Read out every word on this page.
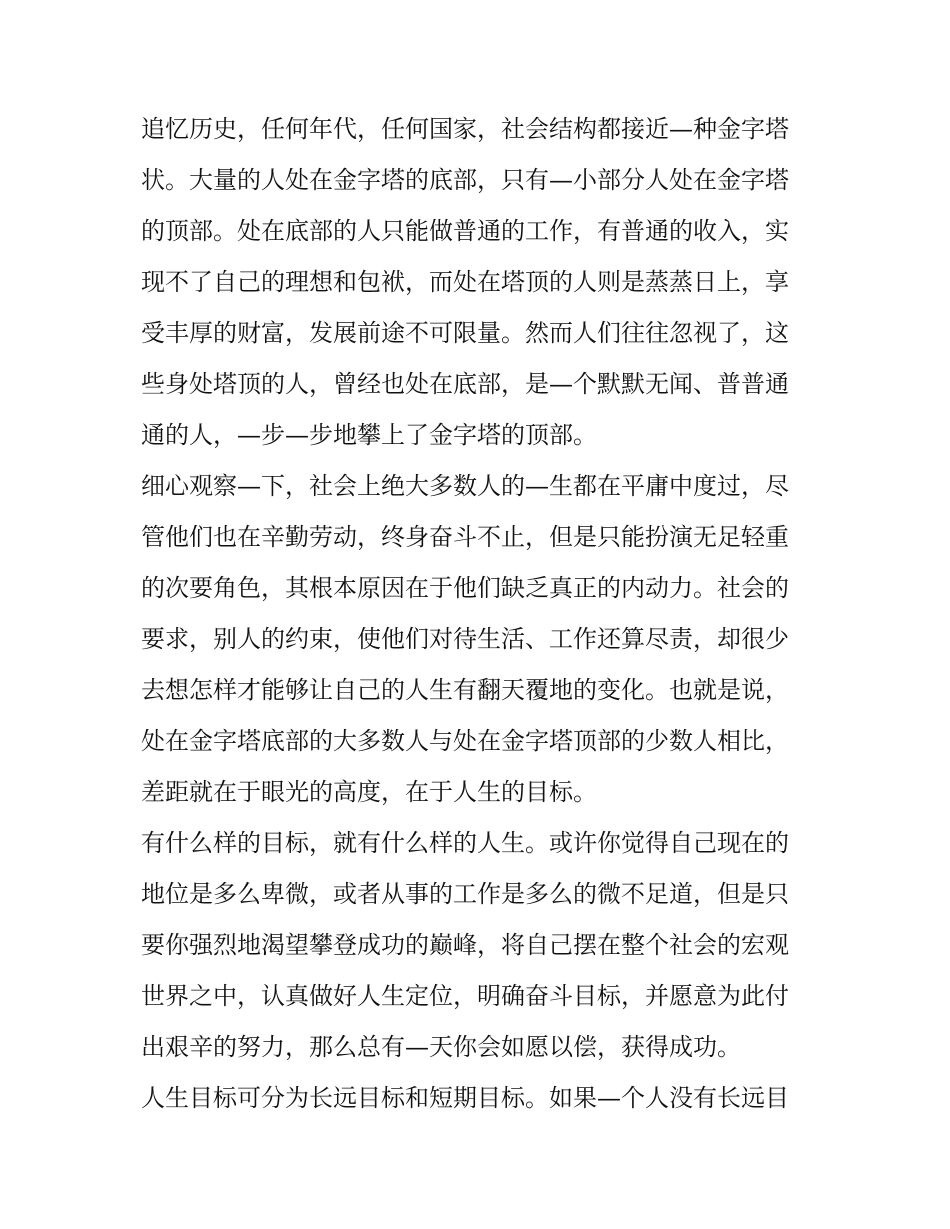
追忆历史，任何年代，任何国家，社会结构都接近—种金字塔
状。大量的人处在金字塔的底部，只有—小部分人处在金字塔
的顶部。处在底部的人只能做普通的工作，有普通的收入，实
现不了自己的理想和包袱，而处在塔顶的人则是蒸蒸日上，享
受丰厚的财富，发展前途不可限量。然而人们往往忽视了，这
些身处塔顶的人，曾经也处在底部，是—个默默无闻、普普通
通的人，—步—步地攀上了金字塔的顶部。
细心观察—下，社会上绝大多数人的—生都在平庸中度过，尽
管他们也在辛勤劳动，终身奋斗不止，但是只能扮演无足轻重
的次要角色，其根本原因在于他们缺乏真正的内动力。社会的
要求，别人的约束，使他们对待生活、工作还算尽责，却很少
去想怎样才能够让自己的人生有翻天覆地的变化。也就是说，
处在金字塔底部的大多数人与处在金字塔顶部的少数人相比，
差距就在于眼光的高度，在于人生的目标。
有什么样的目标，就有什么样的人生。或许你觉得自己现在的
地位是多么卑微，或者从事的工作是多么的微不足道，但是只
要你强烈地渴望攀登成功的巅峰，将自己摆在整个社会的宏观
世界之中，认真做好人生定位，明确奋斗目标，并愿意为此付
出艰辛的努力，那么总有—天你会如愿以偿，获得成功。
人生目标可分为长远目标和短期目标。如果—个人没有长远目
